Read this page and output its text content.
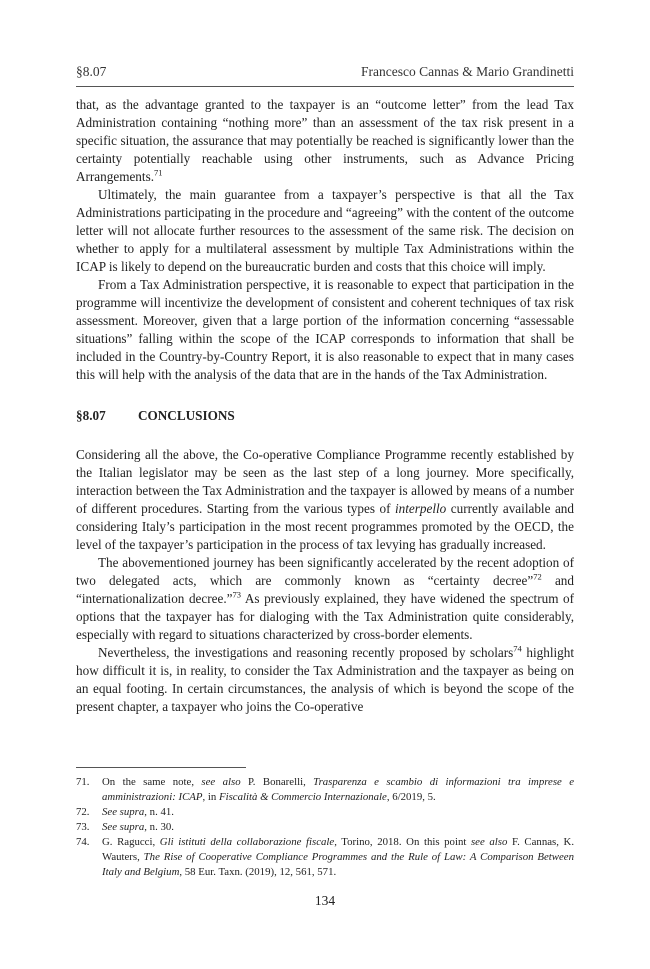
§8.07	Francesco Cannas & Mario Grandinetti

that, as the advantage granted to the taxpayer is an “outcome letter” from the lead Tax Administration containing “nothing more” than an assessment of the tax risk present in a specific situation, the assurance that may potentially be reached is significantly lower than the certainty potentially reachable using other instruments, such as Advance Pricing Arrangements.$^{71}$

Ultimately, the main guarantee from a taxpayer’s perspective is that all the Tax Administrations participating in the procedure and “agreeing” with the content of the outcome letter will not allocate further resources to the assessment of the same risk. The decision on whether to apply for a multilateral assessment by multiple Tax Administrations within the ICAP is likely to depend on the bureaucratic burden and costs that this choice will imply.

From a Tax Administration perspective, it is reasonable to expect that participation in the programme will incentivize the development of consistent and coherent techniques of tax risk assessment. Moreover, given that a large portion of the information concerning “assessable situations” falling within the scope of the ICAP corresponds to information that shall be included in the Country-by-Country Report, it is also reasonable to expect that in many cases this will help with the analysis of the data that are in the hands of the Tax Administration.

§8.07	CONCLUSIONS

Considering all the above, the Co-operative Compliance Programme recently established by the Italian legislator may be seen as the last step of a long journey. More specifically, interaction between the Tax Administration and the taxpayer is allowed by means of a number of different procedures. Starting from the various types of interpello currently available and considering Italy’s participation in the most recent programmes promoted by the OECD, the level of the taxpayer’s participation in the process of tax levying has gradually increased.

The abovementioned journey has been significantly accelerated by the recent adoption of two delegated acts, which are commonly known as “certainty decree”$^{72}$ and “internationalization decree.”$^{73}$ As previously explained, they have widened the spectrum of options that the taxpayer has for dialoging with the Tax Administration quite considerably, especially with regard to situations characterized by cross-border elements.

Nevertheless, the investigations and reasoning recently proposed by scholars$^{74}$ highlight how difficult it is, in reality, to consider the Tax Administration and the taxpayer as being on an equal footing. In certain circumstances, the analysis of which is beyond the scope of the present chapter, a taxpayer who joins the Co-operative

71.	On the same note, see also P. Bonarelli, Trasparenza e scambio di informazioni tra imprese e amministrazioni: ICAP, in Fiscalità & Commercio Internazionale, 6/2019, 5.
72.	See supra, n. 41.
73.	See supra, n. 30.
74.	G. Ragucci, Gli istituti della collaborazione fiscale, Torino, 2018. On this point see also F. Cannas, K. Wauters, The Rise of Cooperative Compliance Programmes and the Rule of Law: A Comparison Between Italy and Belgium, 58 Eur. Taxn. (2019), 12, 561, 571.
134
